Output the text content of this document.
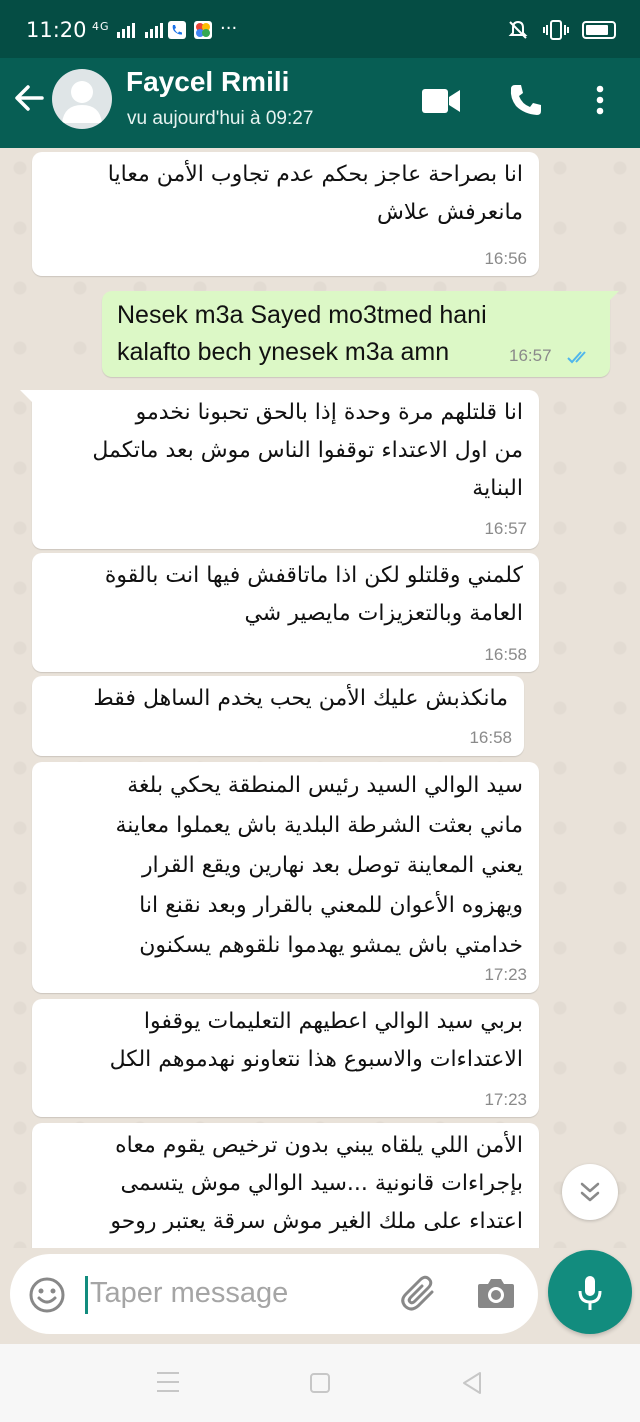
11:20 $^{4G}$	···
Faycel Rmili
vu aujourd'hui à 09:27
انا بصراحة عاجز بحكم عدم تجاوب الأمن معايا
مانعرفش علاش
16:56
Nesek m3a Sayed mo3tmed hani
kalafto bech ynesek m3a amn	16:57
انا قلتلهم مرة وحدة إذا بالحق تحبونا نخدمو
من اول الاعتداء توقفوا الناس موش بعد ماتكمل
البناية
16:57
كلمني وقلتلو لكن اذا ماتاقفش فيها انت بالقوة
العامة وبالتعزيزات مايصير شي
16:58
مانكذبش عليك الأمن يحب يخدم الساهل فقط
16:58
سيد الوالي السيد رئيس المنطقة يحكي بلغة
ماني بعثت الشرطة البلدية باش يعملوا معاينة
يعني المعاينة توصل بعد نهارين ويقع القرار
ويهزوه الأعوان للمعني بالقرار وبعد نقنع انا
خدامتي باش يمشو يهدموا نلقوهم يسكنون
17:23
بربي سيد الوالي اعطيهم التعليمات يوقفوا
الاعتداءات والاسبوع هذا نتعاونو نهدموهم الكل
17:23
الأمن اللي يلقاه يبني بدون ترخيص يقوم معاه
بإجراءات قانونية ...سيد الوالي موش يتسمى
اعتداء على ملك الغير موش سرقة يعتبر روحو
Taper message
